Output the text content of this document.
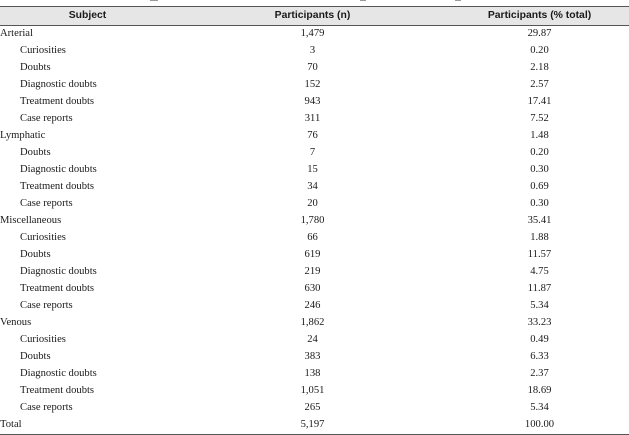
Subject	Participants (n)	Participants (% total)
Arterial	1,479	29.87
Curiosities	3	0.20
Doubts	70	2.18
Diagnostic doubts	152	2.57
Treatment doubts	943	17.41
Case reports	311	7.52
Lymphatic	76	1.48
Doubts	7	0.20
Diagnostic doubts	15	0.30
Treatment doubts	34	0.69
Case reports	20	0.30
Miscellaneous	1,780	35.41
Curiosities	66	1.88
Doubts	619	11.57
Diagnostic doubts	219	4.75
Treatment doubts	630	11.87
Case reports	246	5.34
Venous	1,862	33.23
Curiosities	24	0.49
Doubts	383	6.33
Diagnostic doubts	138	2.37
Treatment doubts	1,051	18.69
Case reports	265	5.34
Total	5,197	100.00
